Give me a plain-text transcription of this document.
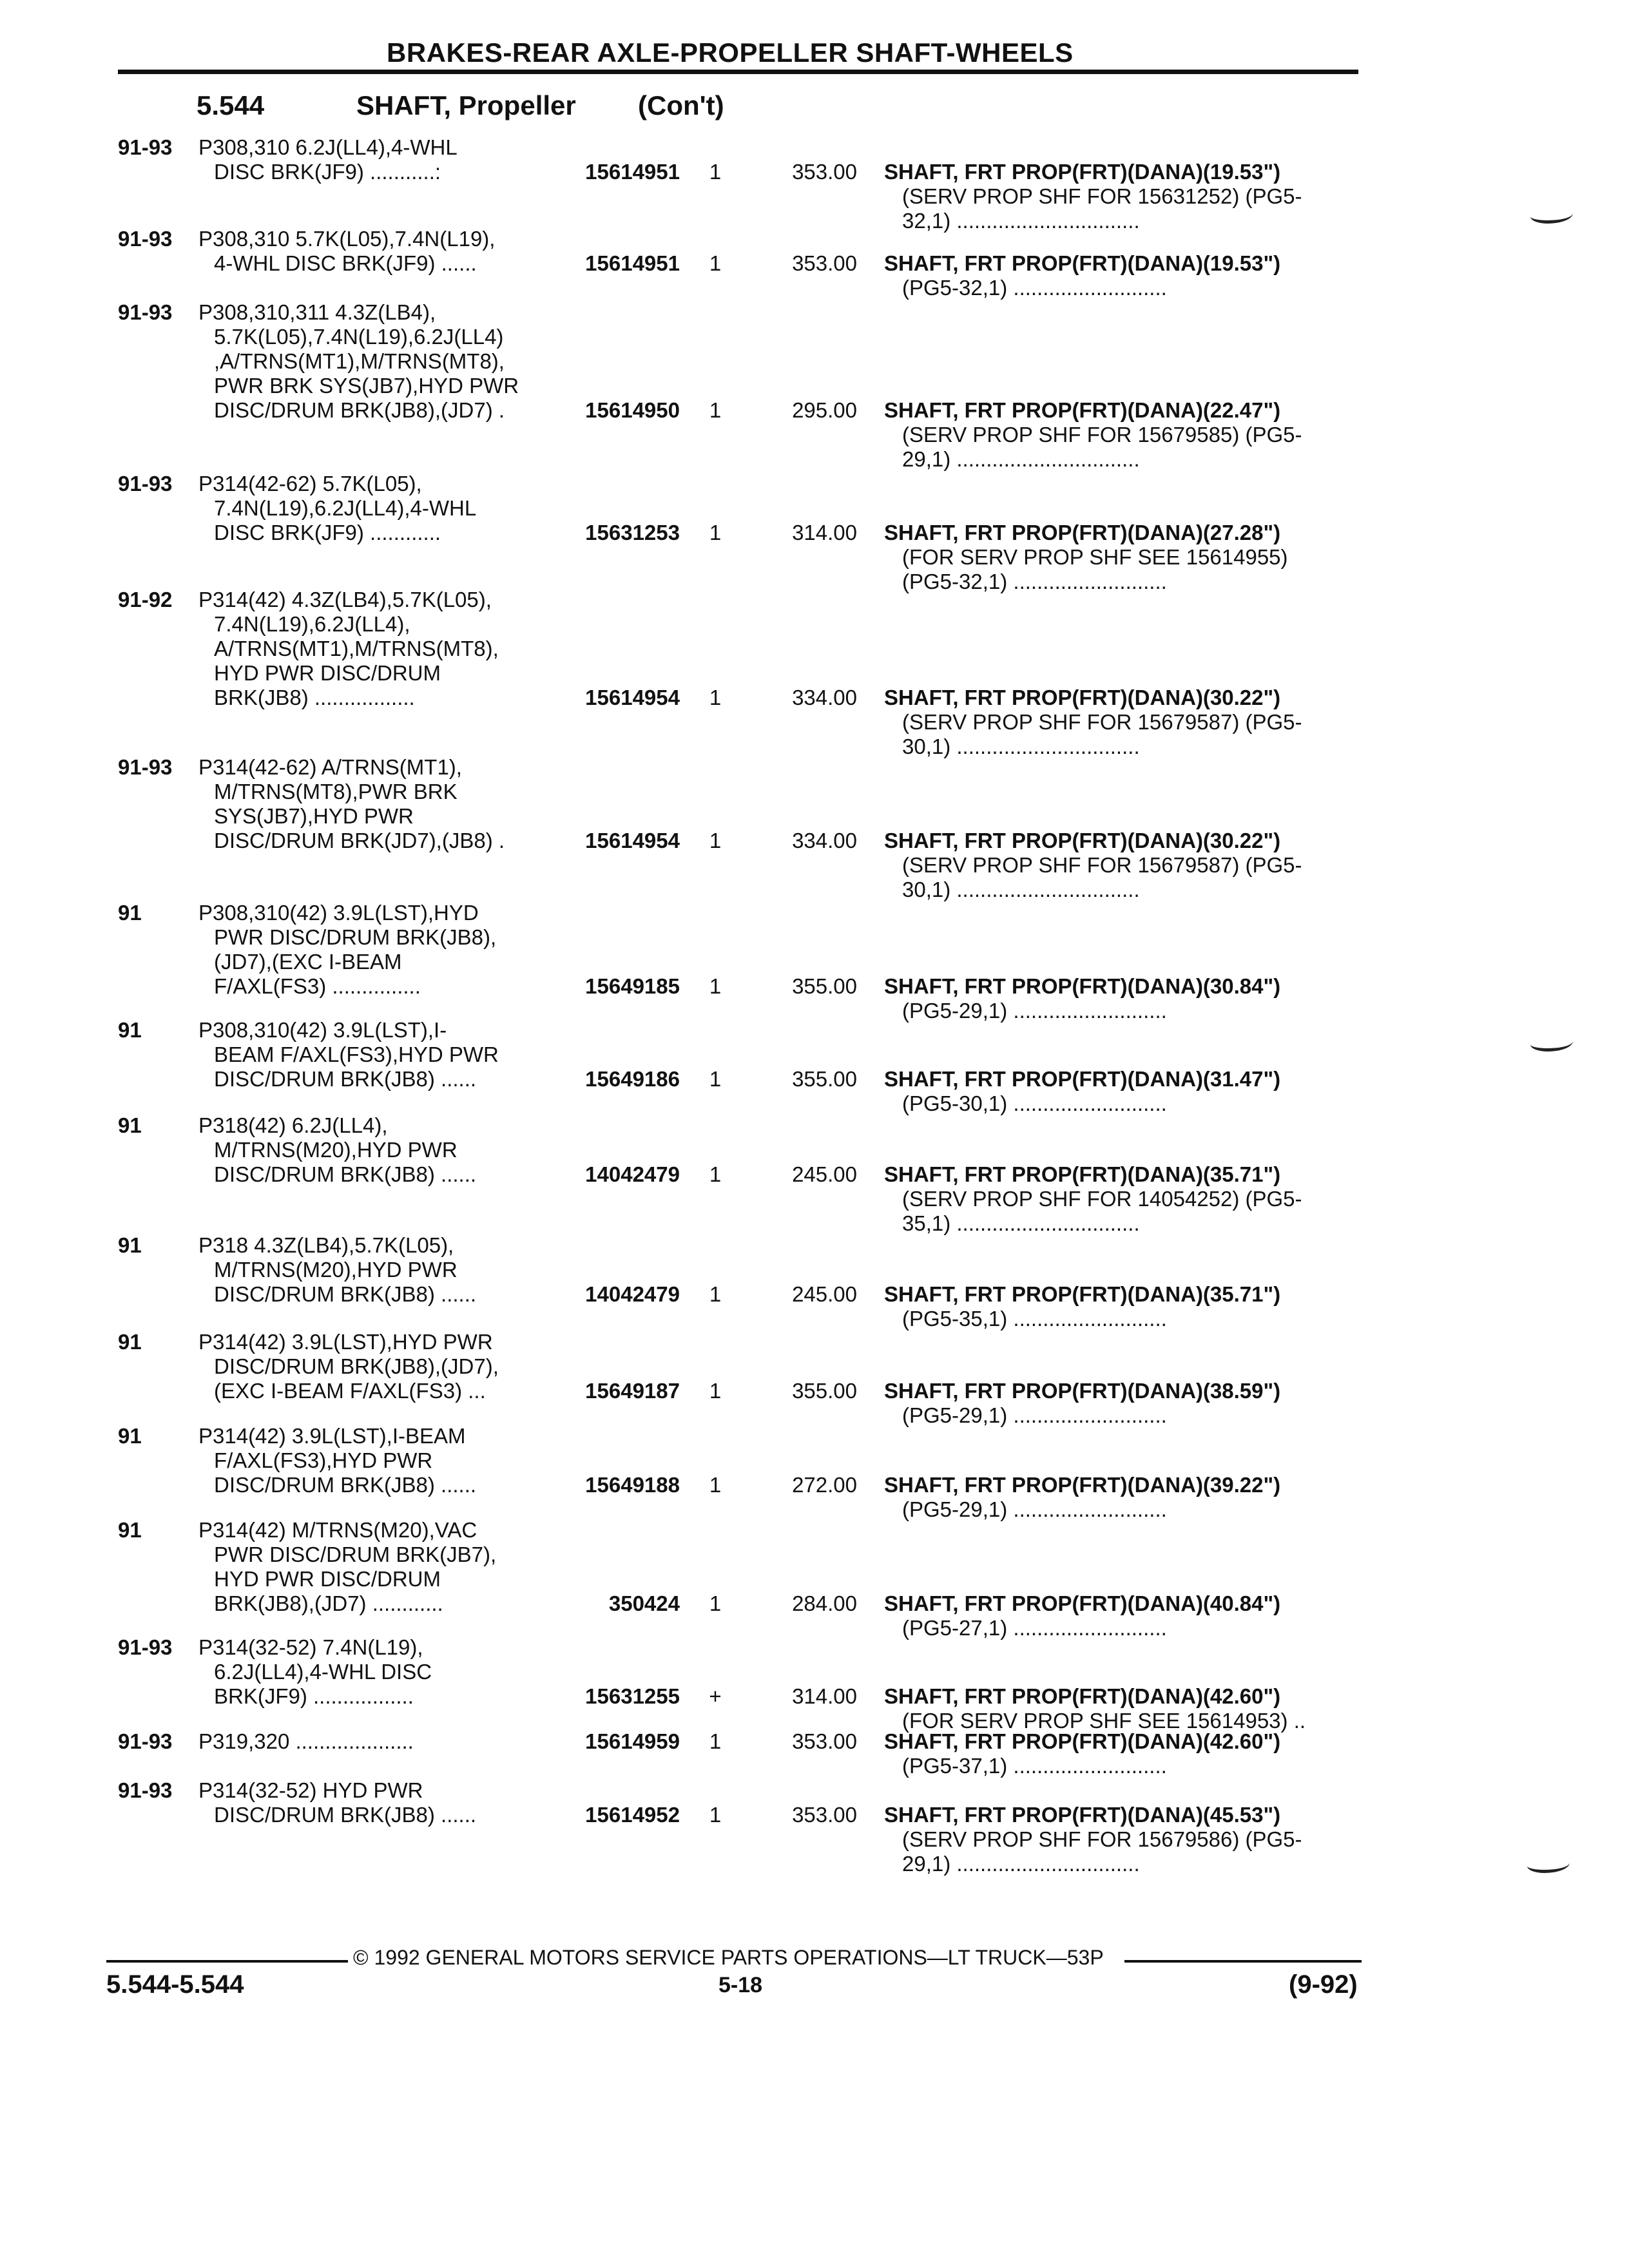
BRAKES-REAR AXLE-PROPELLER SHAFT-WHEELS
5.544	SHAFT, Propeller (Con't)
91-93	P308,310 6.2J(LL4),4-WHL
DISC BRK(JF9) ...........:	15614951	1	353.00 SHAFT, FRT PROP(FRT)(DANA)(19.53")
(SERV PROP SHF FOR 15631252) (PG5-
32,1) ...............................
91-93	P308,310 5.7K(L05),7.4N(L19),
4-WHL DISC BRK(JF9) ......	15614951	1	353.00 SHAFT, FRT PROP(FRT)(DANA)(19.53")
(PG5-32,1) ..........................
91-93	P308,310,311 4.3Z(LB4),
5.7K(L05),7.4N(L19),6.2J(LL4)
,A/TRNS(MT1),M/TRNS(MT8),
PWR BRK SYS(JB7),HYD PWR
DISC/DRUM BRK(JB8),(JD7) .	15614950	1	295.00 SHAFT, FRT PROP(FRT)(DANA)(22.47")
(SERV PROP SHF FOR 15679585) (PG5-
29,1) ...............................
91-93	P314(42-62) 5.7K(L05),
7.4N(L19),6.2J(LL4),4-WHL
DISC BRK(JF9) ............	15631253	1	314.00 SHAFT, FRT PROP(FRT)(DANA)(27.28")
(FOR SERV PROP SHF SEE 15614955)
(PG5-32,1) ..........................
91-92	P314(42) 4.3Z(LB4),5.7K(L05),
7.4N(L19),6.2J(LL4),
A/TRNS(MT1),M/TRNS(MT8),
HYD PWR DISC/DRUM
BRK(JB8) .................	15614954	1	334.00 SHAFT, FRT PROP(FRT)(DANA)(30.22")
(SERV PROP SHF FOR 15679587) (PG5-
30,1) ...............................
91-93	P314(42-62) A/TRNS(MT1),
M/TRNS(MT8),PWR BRK
SYS(JB7),HYD PWR
DISC/DRUM BRK(JD7),(JB8) .	15614954	1	334.00 SHAFT, FRT PROP(FRT)(DANA)(30.22")
(SERV PROP SHF FOR 15679587) (PG5-
30,1) ...............................
91	P308,310(42) 3.9L(LST),HYD
PWR DISC/DRUM BRK(JB8),
(JD7),(EXC I-BEAM
F/AXL(FS3) ...............	15649185	1	355.00 SHAFT, FRT PROP(FRT)(DANA)(30.84")
(PG5-29,1) ..........................
91	P308,310(42) 3.9L(LST),I-
BEAM F/AXL(FS3),HYD PWR
DISC/DRUM BRK(JB8) ......	15649186	1	355.00 SHAFT, FRT PROP(FRT)(DANA)(31.47")
(PG5-30,1) ..........................
91	P318(42) 6.2J(LL4),
M/TRNS(M20),HYD PWR
DISC/DRUM BRK(JB8) ......	14042479	1	245.00 SHAFT, FRT PROP(FRT)(DANA)(35.71")
(SERV PROP SHF FOR 14054252) (PG5-
35,1) ...............................
91	P318 4.3Z(LB4),5.7K(L05),
M/TRNS(M20),HYD PWR
DISC/DRUM BRK(JB8) ......	14042479	1	245.00 SHAFT, FRT PROP(FRT)(DANA)(35.71")
(PG5-35,1) ..........................
91	P314(42) 3.9L(LST),HYD PWR
DISC/DRUM BRK(JB8),(JD7),
(EXC I-BEAM F/AXL(FS3) ...	15649187	1	355.00 SHAFT, FRT PROP(FRT)(DANA)(38.59")
(PG5-29,1) ..........................
91	P314(42) 3.9L(LST),I-BEAM
F/AXL(FS3),HYD PWR
DISC/DRUM BRK(JB8) ......	15649188	1	272.00 SHAFT, FRT PROP(FRT)(DANA)(39.22")
(PG5-29,1) ..........................
91	P314(42) M/TRNS(M20),VAC
PWR DISC/DRUM BRK(JB7),
HYD PWR DISC/DRUM
BRK(JB8),(JD7) ............	350424	1	284.00 SHAFT, FRT PROP(FRT)(DANA)(40.84")
(PG5-27,1) ..........................
91-93	P314(32-52) 7.4N(L19),
6.2J(LL4),4-WHL DISC
BRK(JF9) .................	15631255	+	314.00 SHAFT, FRT PROP(FRT)(DANA)(42.60")
(FOR SERV PROP SHF SEE 15614953) ..
91-93	P319,320 ....................	15614959	1	353.00 SHAFT, FRT PROP(FRT)(DANA)(42.60")
(PG5-37,1) ..........................
91-93	P314(32-52) HYD PWR
DISC/DRUM BRK(JB8) ......	15614952	1	353.00 SHAFT, FRT PROP(FRT)(DANA)(45.53")
(SERV PROP SHF FOR 15679586) (PG5-
29,1) ...............................
© 1992 GENERAL MOTORS SERVICE PARTS OPERATIONS—LT TRUCK—53P
5.544-5.544	5-18	(9-92)
